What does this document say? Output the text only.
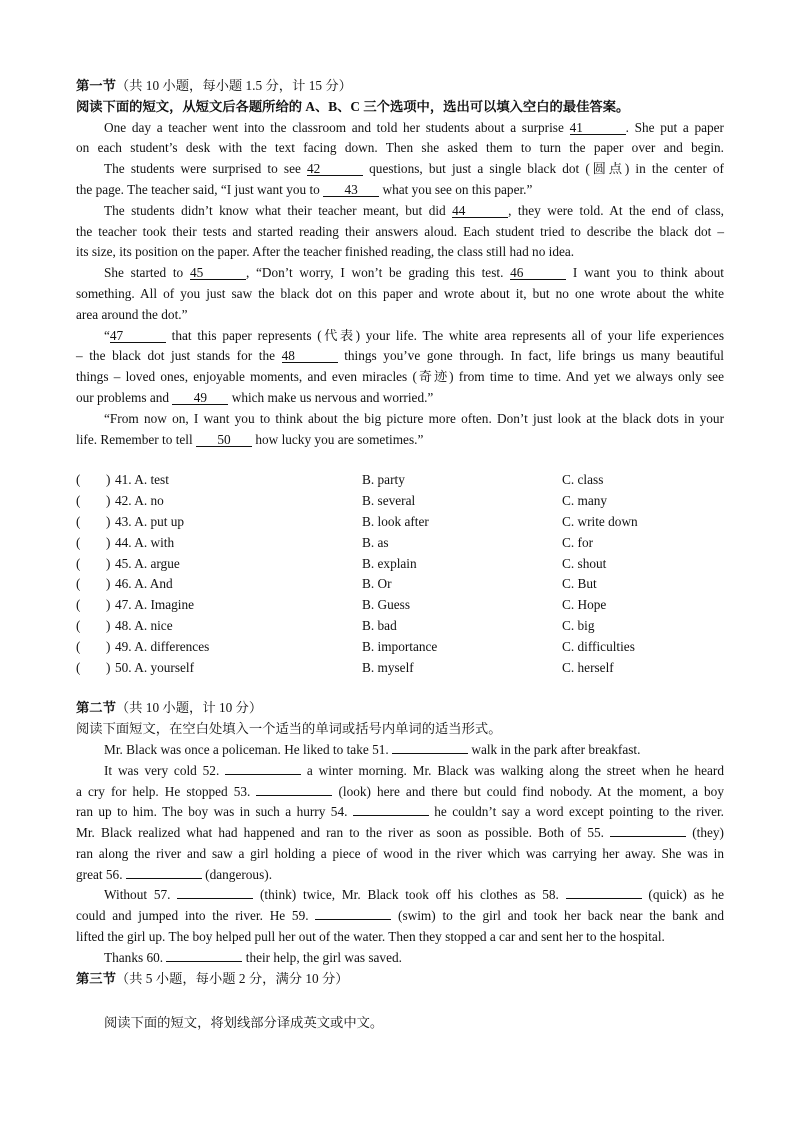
第一节（共 10 小题，每小题 1.5 分，计 15 分）
阅读下面的短文，从短文后各题所给的 A、B、C 三个选项中，选出可以填入空白的最佳答案。
One day a teacher went into the classroom and told her students about a surprise 41	. She put a paper
on each student’s desk with the text facing down. Then she asked them to turn the paper over and begin.
The students were surprised to see 42	questions, but just a single black dot (圆点) in the center of
the page. The teacher said, “I just want you to 43 what you see on this paper.”
The students didn’t know what their teacher meant, but did 44	, they were told. At the end of class,
the teacher took their tests and started reading their answers aloud. Each student tried to describe the black dot –
its size, its position on the paper. After the teacher finished reading, the class still had no idea.
She started to 45	, “Don’t worry, I won’t be grading this test. 46	I want you to think about
something. All of you just saw the black dot on this paper and wrote about it, but no one wrote about the white
area around the dot.”
“47	that this paper represents (代表) your life. The white area represents all of your life experiences
– the black dot just stands for the 48	things you’ve gone through. In fact, life brings us many beautiful
things – loved ones, enjoyable moments, and even miracles (奇迹) from time to time. And yet we always only see
our problems and 49 which make us nervous and worried.”
“From now on, I want you to think about the big picture more often. Don’t just look at the black dots in your
life. Remember to tell 50 how lucky you are sometimes.”
( ) 41. A. test	B. party	C. class
( ) 42. A. no	B. several	C. many
( ) 43. A. put up	B. look after	C. write down
( ) 44. A. with	B. as	C. for
( ) 45. A. argue	B. explain	C. shout
( ) 46. A. And	B. Or	C. But
( ) 47. A. Imagine	B. Guess	C. Hope
( ) 48. A. nice	B. bad	C. big
( ) 49. A. differences	B. importance	C. difficulties
( ) 50. A. yourself	B. myself	C. herself
第二节（共 10 小题，计 10 分）
阅读下面短文，在空白处填入一个适当的单词或括号内单词的适当形式。
Mr. Black was once a policeman. He liked to take 51.	walk in the park after breakfast.
It was very cold 52.	a winter morning. Mr. Black was walking along the street when he heard
a cry for help. He stopped 53.	(look) here and there but could find nobody. At the moment, a boy
ran up to him. The boy was in such a hurry 54.	he couldn’t say a word except pointing to the river.
Mr. Black realized what had happened and ran to the river as soon as possible. Both of 55.	(they)
ran along the river and saw a girl holding a piece of wood in the river which was carrying her away. She was in
great 56.	(dangerous).
Without 57.	(think) twice, Mr. Black took off his clothes as 58.	(quick) as he
could and jumped into the river. He 59.	(swim) to the girl and took her back near the bank and
lifted the girl up. The boy helped pull her out of the water. Then they stopped a car and sent her to the hospital.
Thanks 60.	their help, the girl was saved.
第三节（共 5 小题，每小题 2 分，满分 10 分）
阅读下面的短文，将划线部分译成英文或中文。
